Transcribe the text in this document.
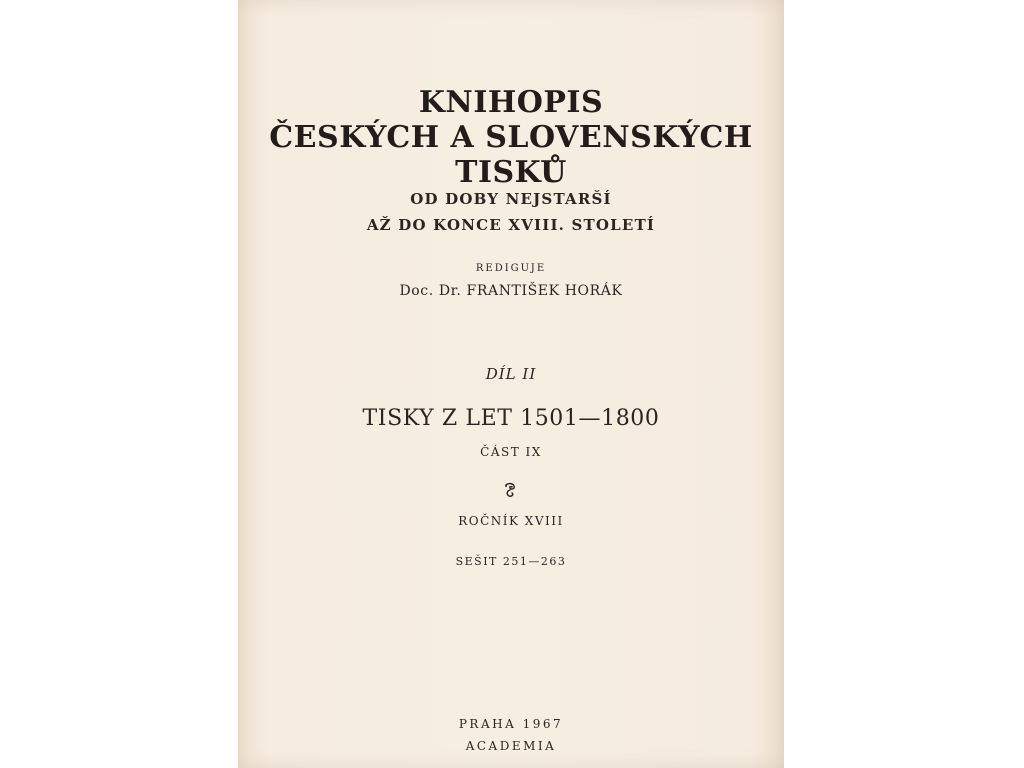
KNIHOPIS
ČESKÝCH A SLOVENSKÝCH
TISKŮ
OD DOBY NEJSTARŠÍ
AŽ DO KONCE XVIII. STOLETÍ
REDIGUJE
Doc. Dr. FRANTIŠEK HORÁK
DÍL II
TISKY Z LET 1501—1800
ČÁST IX
ROČNÍK XVIII
SEŠIT 251—263
PRAHA 1967
ACADEMIA
